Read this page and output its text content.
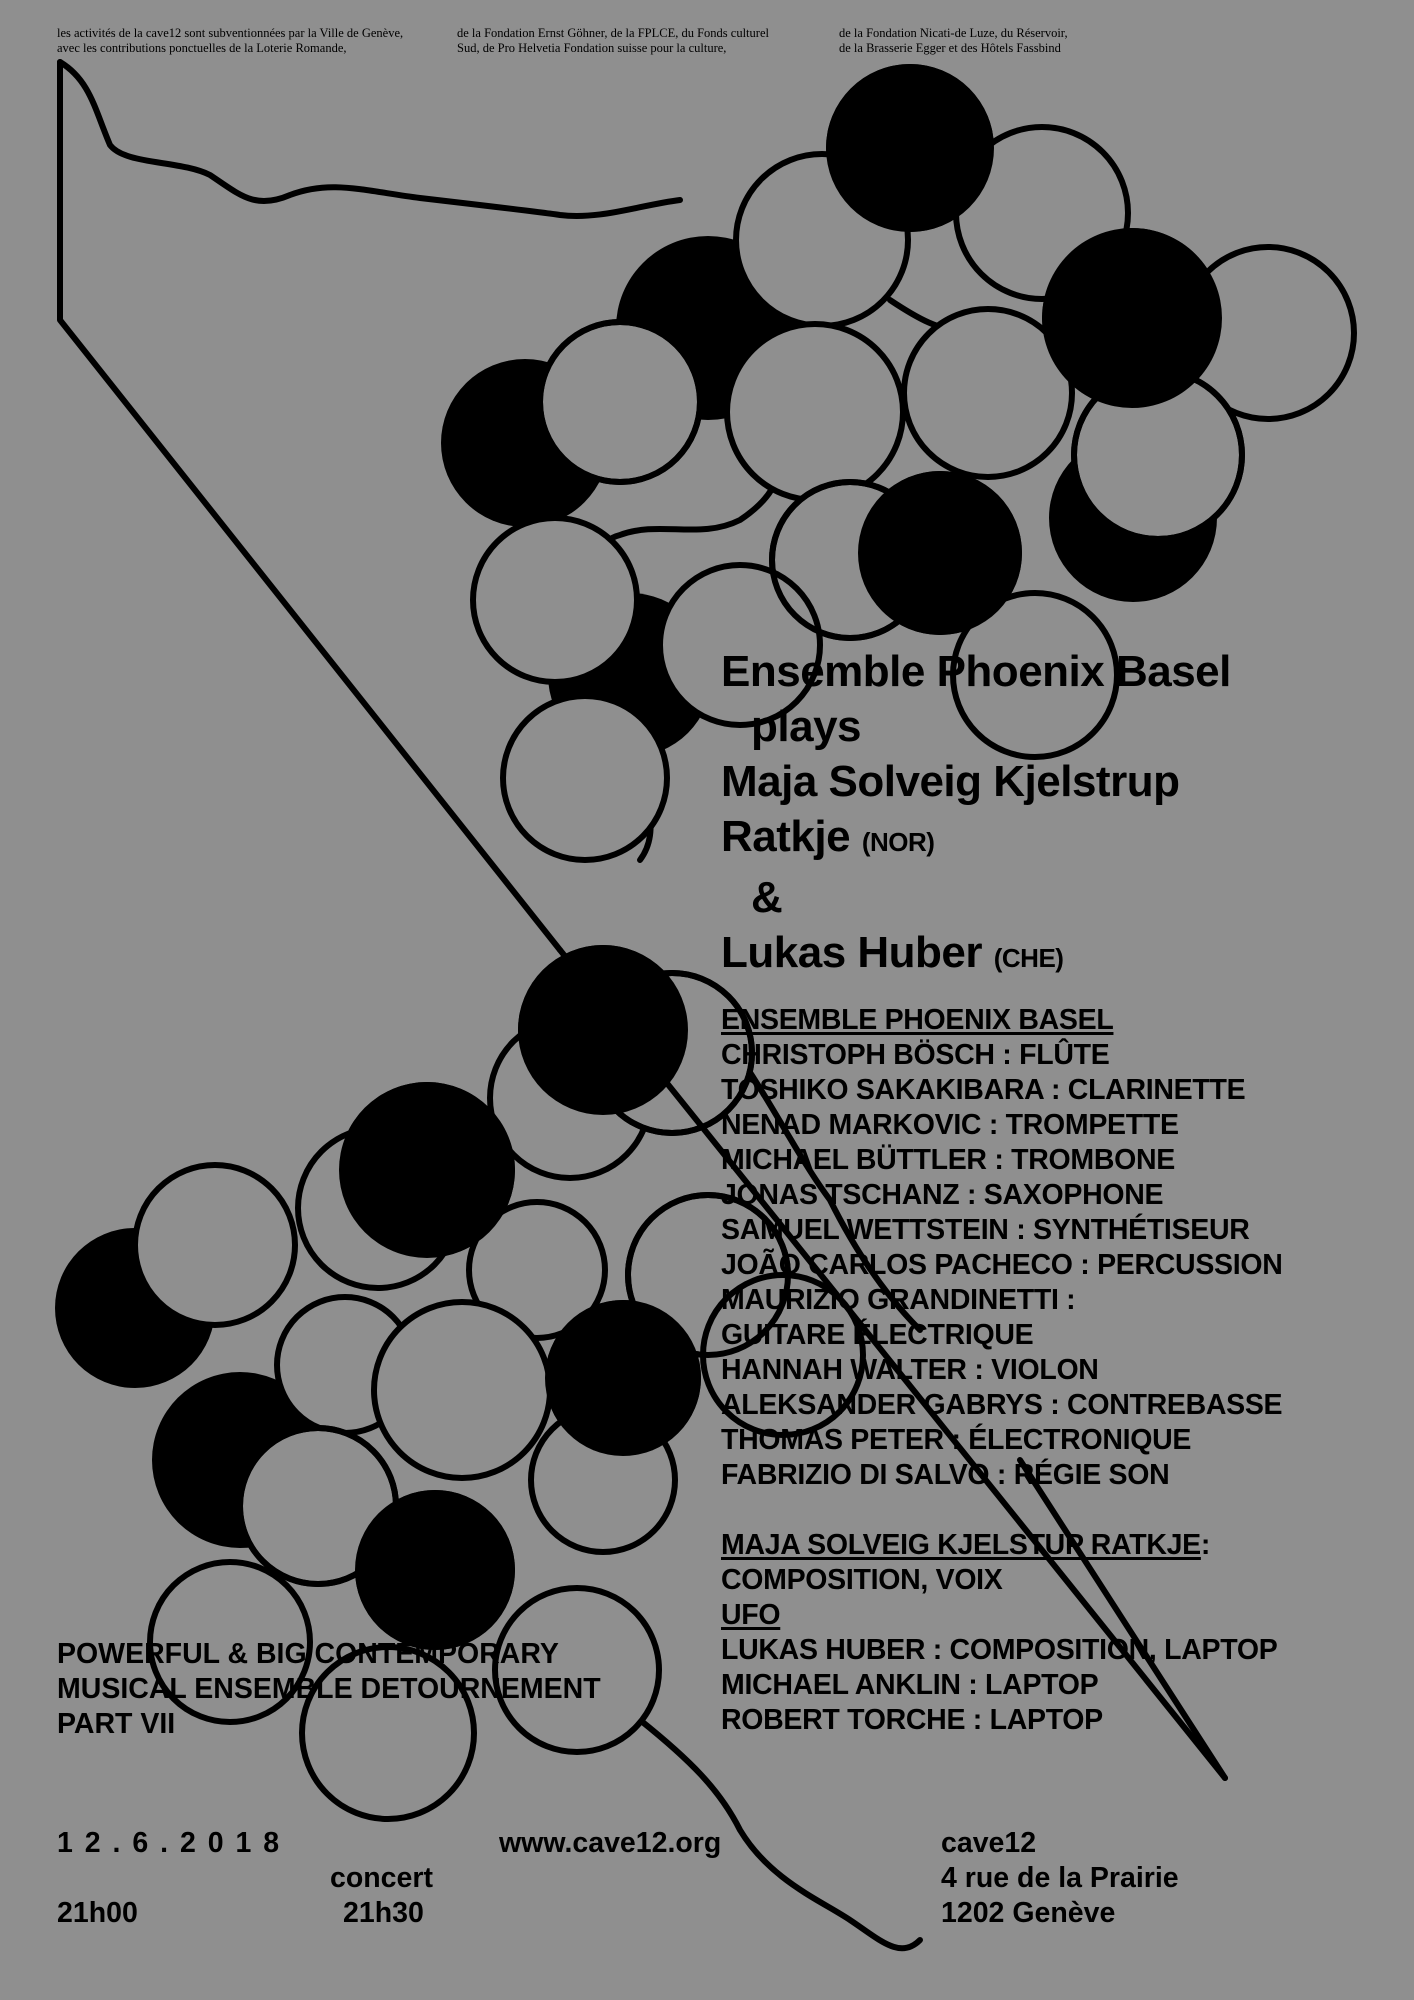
les activités de la cave12 sont subventionnées par la Ville de Genève,
avec les contributions ponctuelles de la Loterie Romande,
de la Fondation Ernst Göhner, de la FPLCE, du Fonds culturel
Sud, de Pro Helvetia Fondation suisse pour la culture,
de la Fondation Nicati-de Luze, du Réservoir,
de la Brasserie Egger et des Hôtels Fassbind
Ensemble Phoenix Basel
plays
Maja Solveig Kjelstrup
Ratkje (NOR)
&
Lukas Huber (CHE)
ENSEMBLE PHOENIX BASEL
CHRISTOPH BÖSCH : FLÛTE
TOSHIKO SAKAKIBARA : CLARINETTE
NENAD MARKOVIC : TROMPETTE
MICHAEL BÜTTLER : TROMBONE
JONAS TSCHANZ : SAXOPHONE
SAMUEL WETTSTEIN : SYNTHÉTISEUR
JOÃO CARLOS PACHECO : PERCUSSION
MAURIZIO GRANDINETTI :
GUITARE ÉLECTRIQUE
HANNAH WALTER : VIOLON
ALEKSANDER GABRYS : CONTREBASSE
THOMAS PETER : ÉLECTRONIQUE
FABRIZIO DI SALVO : RÉGIE SON
MAJA SOLVEIG KJELSTUP RATKJE:
COMPOSITION, VOIX
UFO
LUKAS HUBER : COMPOSITION, LAPTOP
MICHAEL ANKLIN : LAPTOP
ROBERT TORCHE : LAPTOP
POWERFUL & BIG CONTEMPORARY
MUSICAL ENSEMBLE DETOURNEMENT
PART VII
1 2 . 6 . 2 0 1 8
21h00
concert
21h30
www.cave12.org	cave12
4 rue de la Prairie
1202 Genève
